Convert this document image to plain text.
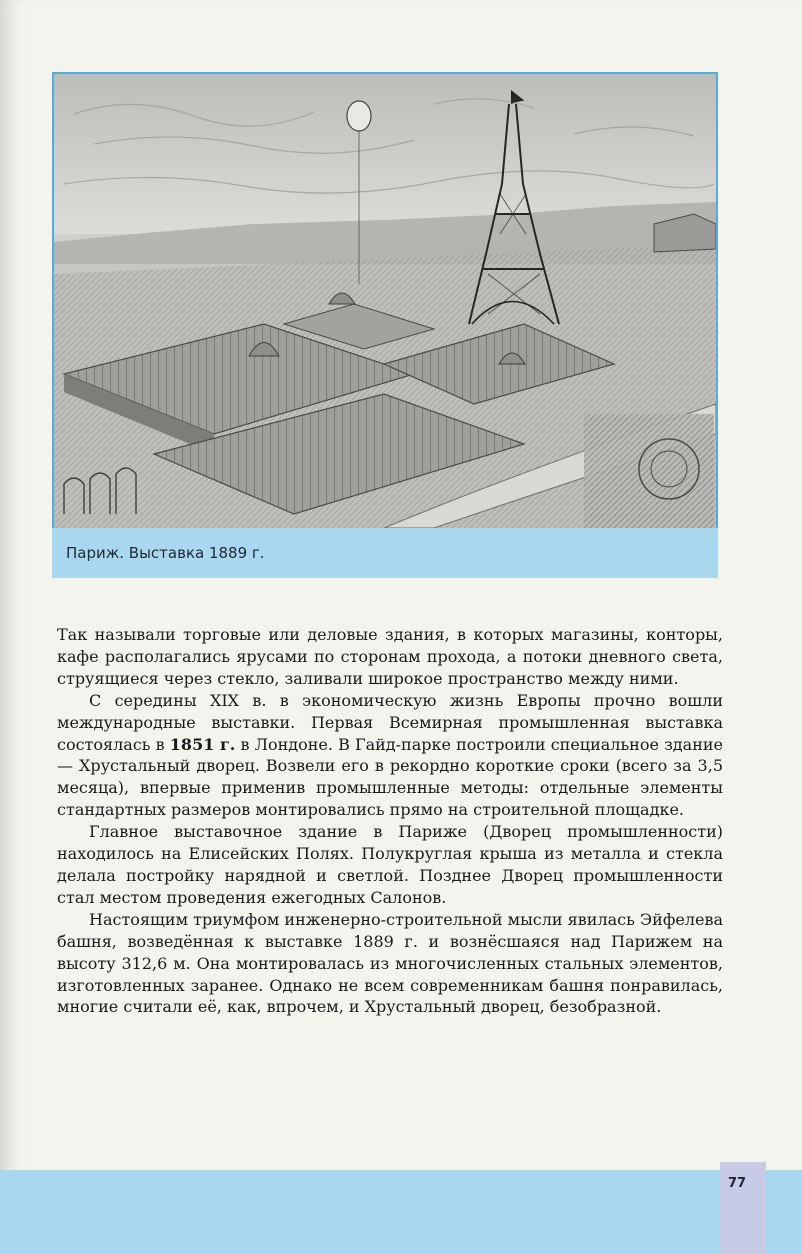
Париж. Выставка 1889 г.

Так называли торговые или деловые здания, в которых магазины, конторы, кафе располагались ярусами по сторонам прохода, а потоки дневного света, струящиеся через стекло, заливали широкое пространство между ними.

С середины XIX в. в экономическую жизнь Европы прочно вошли международные выставки. Первая Всемирная промышленная выставка состоялась в 1851 г. в Лондоне. В Гайд-парке построили специальное здание — Хрустальный дворец. Возвели его в рекордно короткие сроки (всего за 3,5 месяца), впервые применив промышленные методы: отдельные элементы стандартных размеров монтировались прямо на строительной площадке.

Главное выставочное здание в Париже (Дворец промышленности) находилось на Елисейских Полях. Полукруглая крыша из металла и стекла делала постройку нарядной и светлой. Позднее Дворец промышленности стал местом проведения ежегодных Салонов.

Настоящим триумфом инженерно-строительной мысли явилась Эйфелева башня, возведённая к выставке 1889 г. и вознёсшаяся над Парижем на высоту 312,6 м. Она монтировалась из многочисленных стальных элементов, изготовленных заранее. Однако не всем современникам башня понравилась, многие считали её, как, впрочем, и Хрустальный дворец, безобразной.

77
